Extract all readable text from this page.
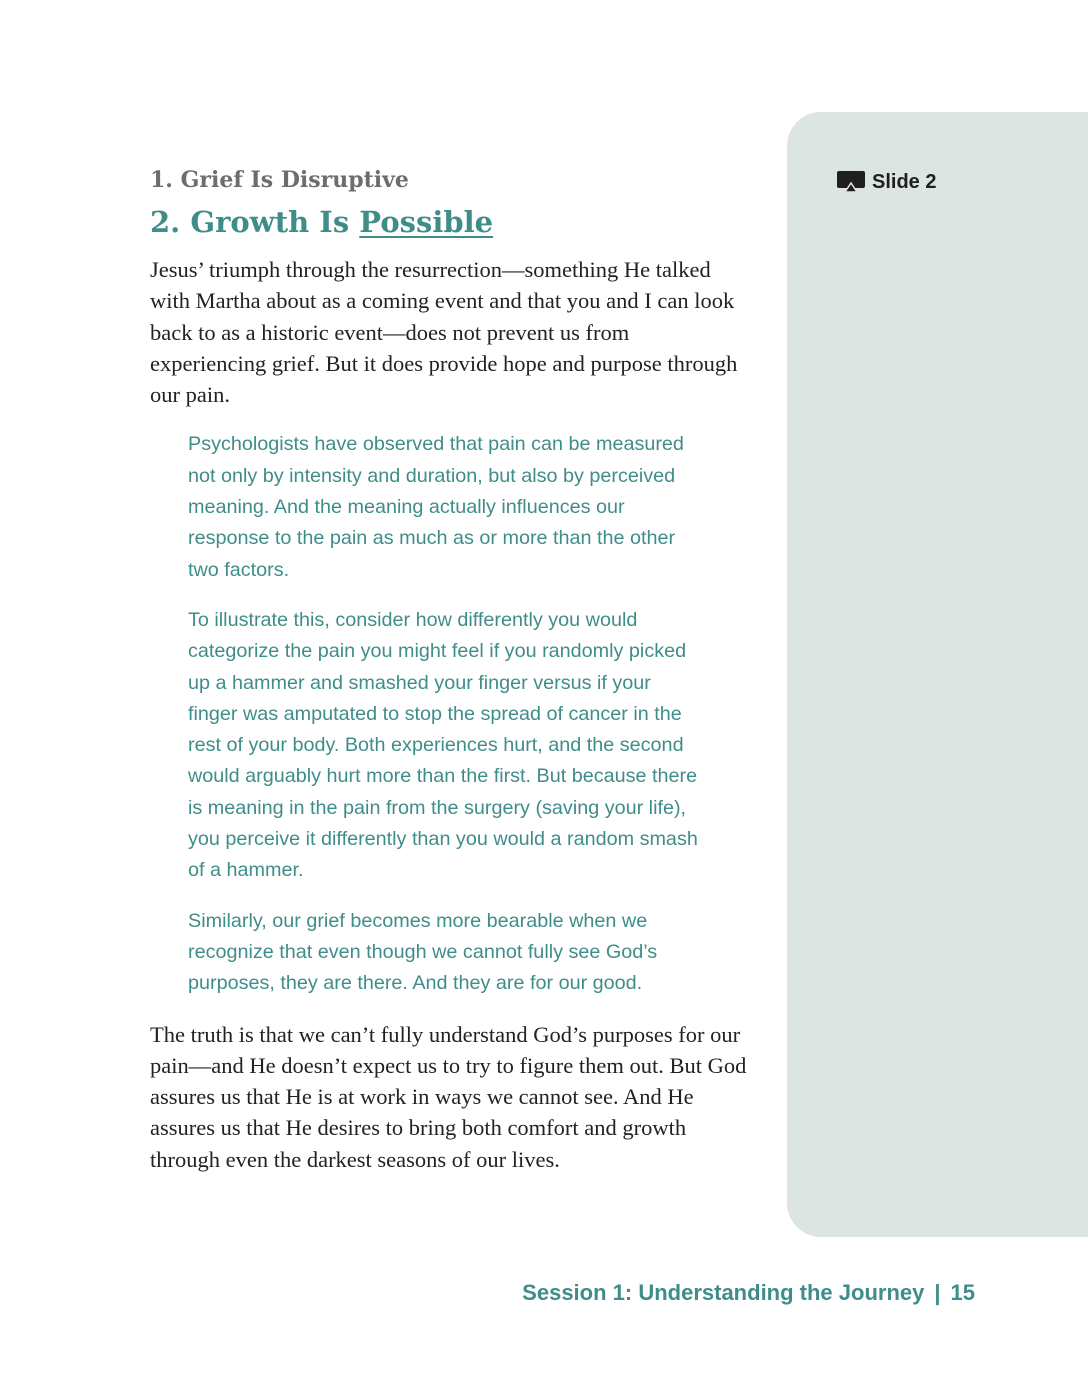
Slide 2
1. Grief Is Disruptive
2. Growth Is Possible

Jesus’ triumph through the resurrection—something He talked with Martha about as a coming event and that you and I can look back to as a historic event—does not prevent us from experiencing grief. But it does provide hope and purpose through our pain.

Psychologists have observed that pain can be measured not only by intensity and duration, but also by perceived meaning. And the meaning actually influences our response to the pain as much as or more than the other two factors.

To illustrate this, consider how differently you would categorize the pain you might feel if you randomly picked up a hammer and smashed your finger versus if your finger was amputated to stop the spread of cancer in the rest of your body. Both experiences hurt, and the second would arguably hurt more than the first. But because there is meaning in the pain from the surgery (saving your life), you perceive it differently than you would a random smash of a hammer.

Similarly, our grief becomes more bearable when we recognize that even though we cannot fully see God’s purposes, they are there. And they are for our good.

The truth is that we can’t fully understand God’s purposes for our pain—and He doesn’t expect us to try to figure them out. But God assures us that He is at work in ways we cannot see. And He assures us that He desires to bring both comfort and growth through even the darkest seasons of our lives.

Session 1: Understanding the Journey | 15
